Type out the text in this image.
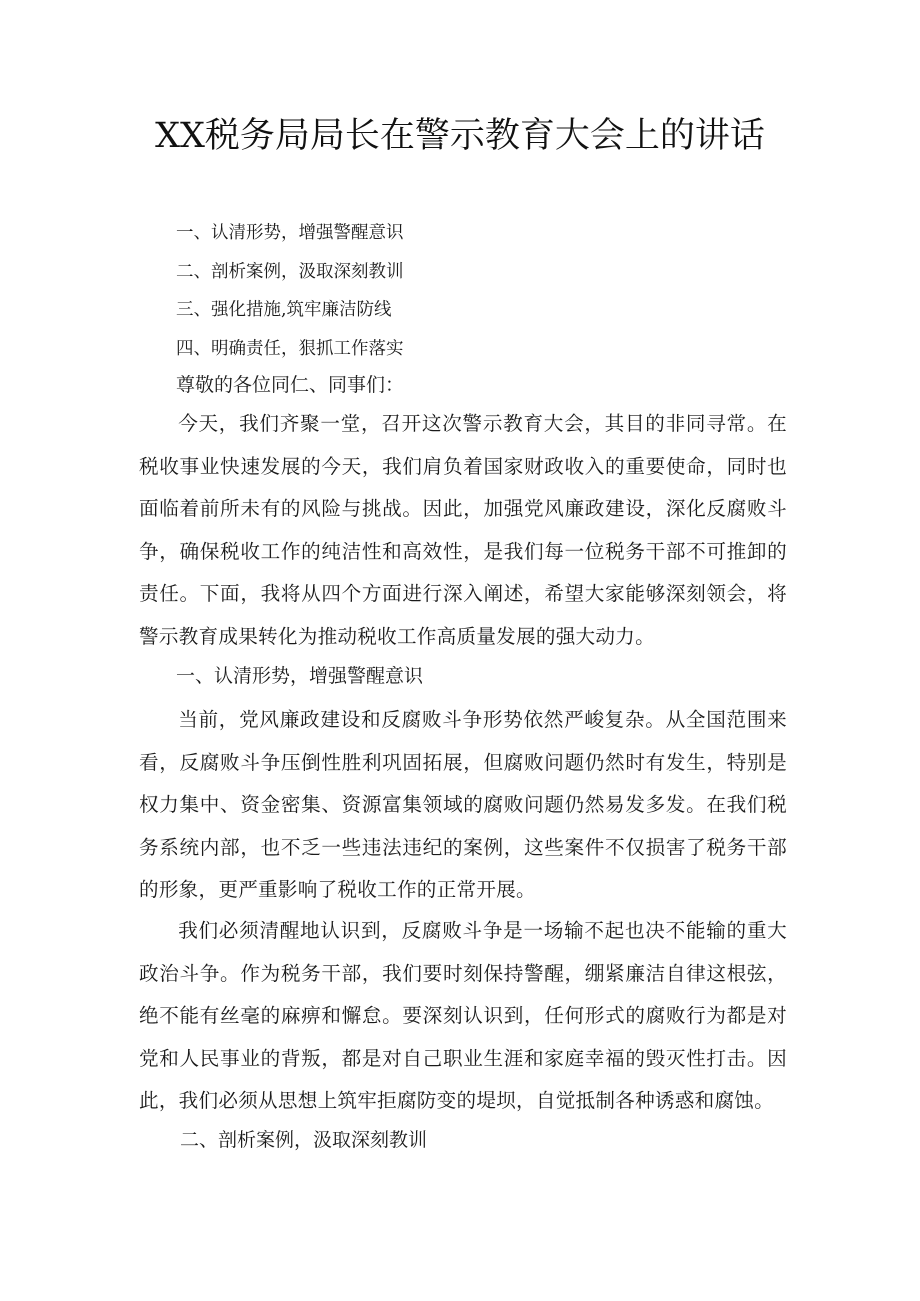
XX税务局局长在警示教育大会上的讲话
一、认清形势，增强警醒意识
二、剖析案例，汲取深刻教训
三、强化措施,筑牢廉洁防线
四、明确责任，狠抓工作落实

尊敬的各位同仁、同事们：

今天，我们齐聚一堂，召开这次警示教育大会，其目的非同寻常。在税收事业快速发展的今天，我们肩负着国家财政收入的重要使命，同时也面临着前所未有的风险与挑战。因此，加强党风廉政建设，深化反腐败斗争，确保税收工作的纯洁性和高效性，是我们每一位税务干部不可推卸的责任。下面，我将从四个方面进行深入阐述，希望大家能够深刻领会，将警示教育成果转化为推动税收工作高质量发展的强大动力。

一、认清形势，增强警醒意识

当前，党风廉政建设和反腐败斗争形势依然严峻复杂。从全国范围来看，反腐败斗争压倒性胜利巩固拓展，但腐败问题仍然时有发生，特别是权力集中、资金密集、资源富集领域的腐败问题仍然易发多发。在我们税务系统内部，也不乏一些违法违纪的案例，这些案件不仅损害了税务干部的形象，更严重影响了税收工作的正常开展。

我们必须清醒地认识到，反腐败斗争是一场输不起也决不能输的重大政治斗争。作为税务干部，我们要时刻保持警醒，绷紧廉洁自律这根弦，绝不能有丝毫的麻痹和懈怠。要深刻认识到，任何形式的腐败行为都是对党和人民事业的背叛，都是对自己职业生涯和家庭幸福的毁灭性打击。因此，我们必须从思想上筑牢拒腐防变的堤坝，自觉抵制各种诱惑和腐蚀。

二、剖析案例，汲取深刻教训
